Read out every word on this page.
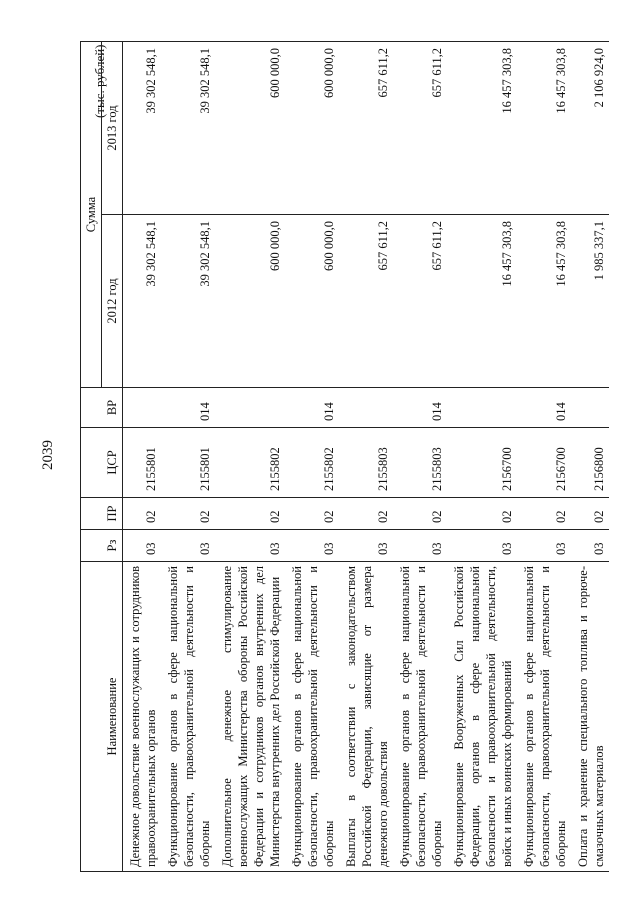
2039
(тыс. рублей)
Наименование	Рз	ПР	ЦСР	ВР	Сумма	
					2012 год	2013 год
Денежное довольствие военнослужащих и сотрудников правоохранительных органов	03	02	2155801		39 302 548,1	39 302 548,1
Функционирование органов в сфере национальной безопасности, правоохранительной деятельности и обороны	03	02	2155801	014	39 302 548,1	39 302 548,1
Дополнительное денежное стимулирование военнослужащих Министерства обороны Российской Федерации и сотрудников органов внутренних дел Министерства внутренних дел Российской Федерации	03	02	2155802		600 000,0	600 000,0
Функционирование органов в сфере национальной безопасности, правоохранительной деятельности и обороны	03	02	2155802	014	600 000,0	600 000,0
Выплаты в соответствии с законодательством Российской Федерации, зависящие от размера денежного довольствия	03	02	2155803		657 611,2	657 611,2
Функционирование органов в сфере национальной безопасности, правоохранительной деятельности и обороны	03	02	2155803	014	657 611,2	657 611,2
Функционирование Вооруженных Сил Российской Федерации, органов в сфере национальной безопасности и правоохранительной деятельности, войск и иных воинских формирований	03	02	2156700		16 457 303,8	16 457 303,8
Функционирование органов в сфере национальной безопасности, правоохранительной деятельности и обороны	03	02	2156700	014	16 457 303,8	16 457 303,8
Оплата и хранение специального топлива и горюче-смазочных материалов	03	02	2156800		1 985 337,1	2 106 924,0
